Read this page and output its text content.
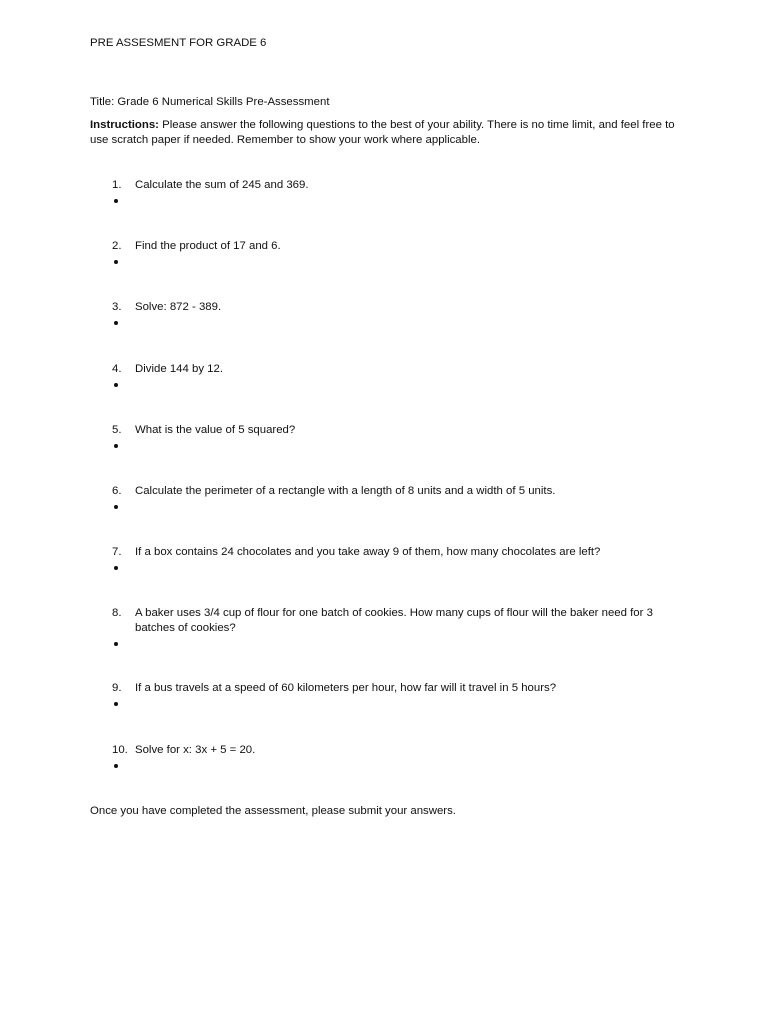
PRE ASSESMENT FOR GRADE 6
Title: Grade 6 Numerical Skills Pre-Assessment
Instructions: Please answer the following questions to the best of your ability. There is no time limit, and feel free to use scratch paper if needed. Remember to show your work where applicable.
1. Calculate the sum of 245 and 369.
2. Find the product of 17 and 6.
3. Solve: 872 - 389.
4. Divide 144 by 12.
5. What is the value of 5 squared?
6. Calculate the perimeter of a rectangle with a length of 8 units and a width of 5 units.
7. If a box contains 24 chocolates and you take away 9 of them, how many chocolates are left?
8. A baker uses 3/4 cup of flour for one batch of cookies. How many cups of flour will the baker need for 3 batches of cookies?
9. If a bus travels at a speed of 60 kilometers per hour, how far will it travel in 5 hours?
10. Solve for x: 3x + 5 = 20.
Once you have completed the assessment, please submit your answers.
